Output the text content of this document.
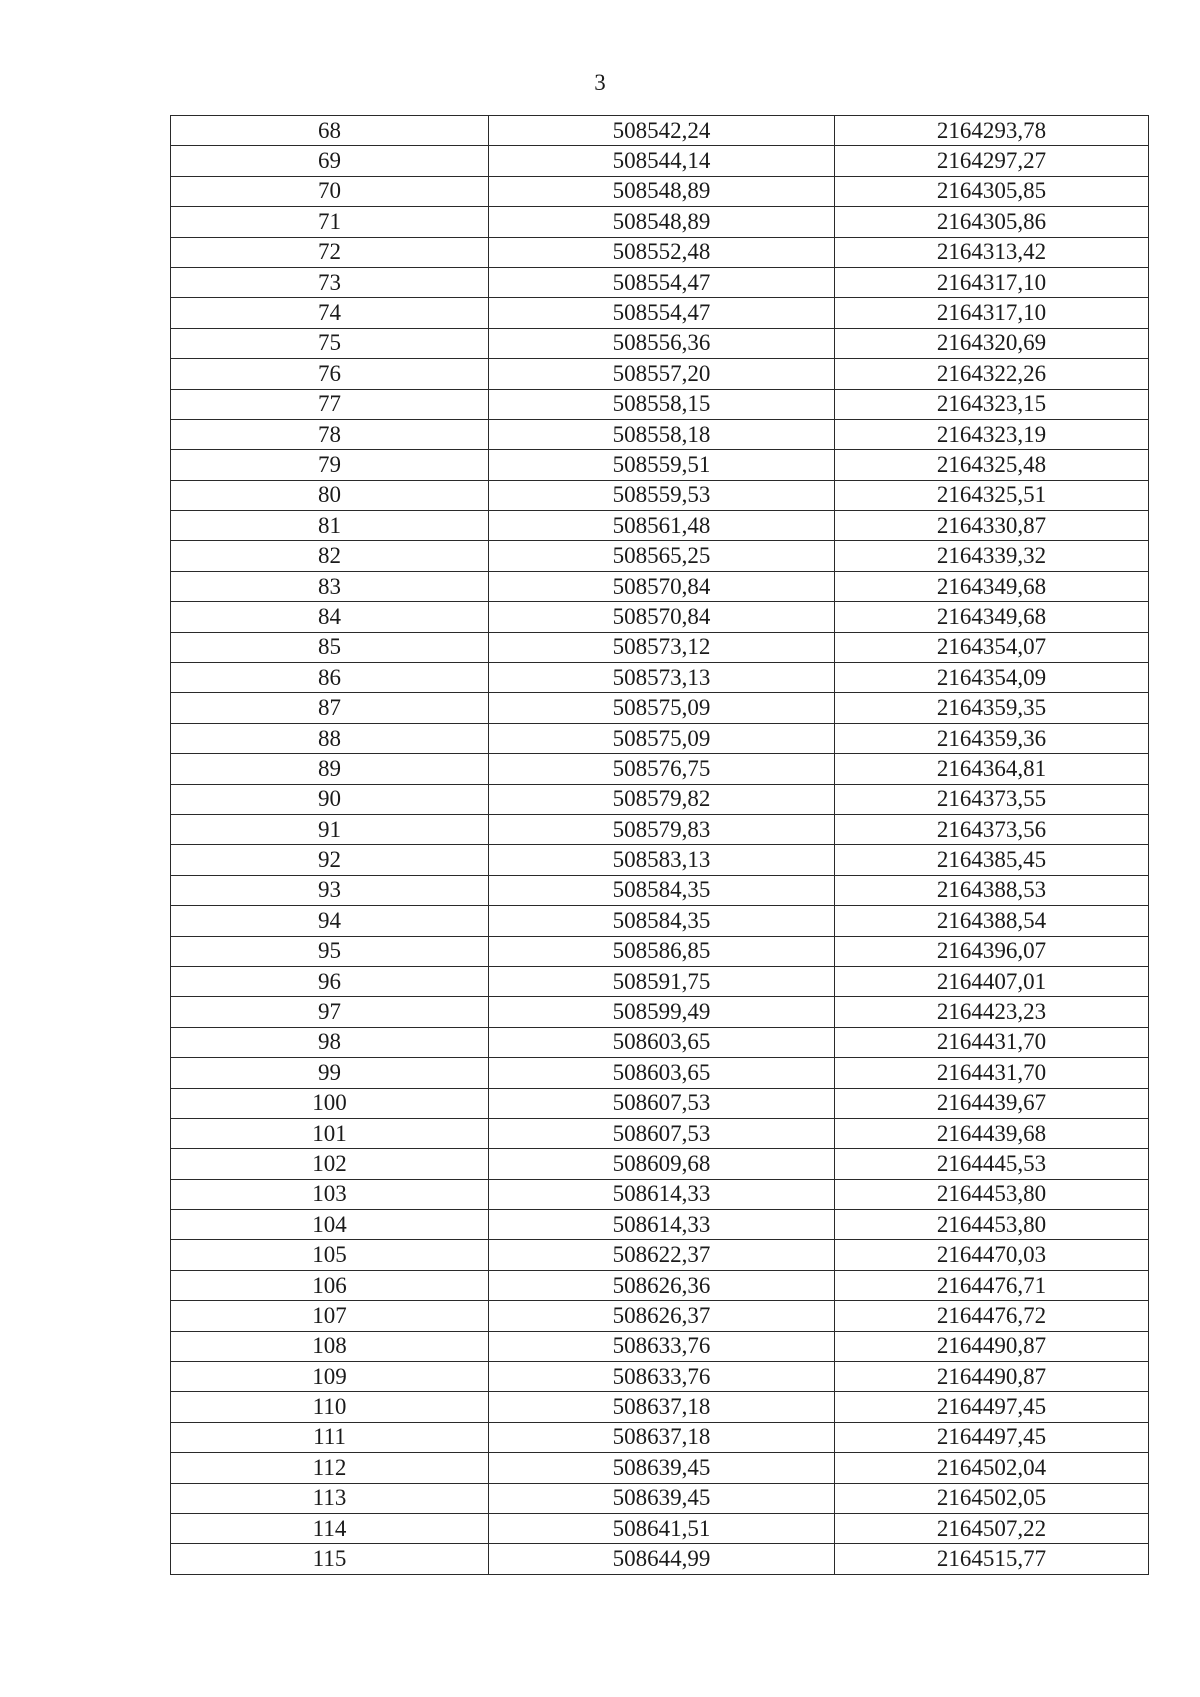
3
68	508542,24	2164293,78
69	508544,14	2164297,27
70	508548,89	2164305,85
71	508548,89	2164305,86
72	508552,48	2164313,42
73	508554,47	2164317,10
74	508554,47	2164317,10
75	508556,36	2164320,69
76	508557,20	2164322,26
77	508558,15	2164323,15
78	508558,18	2164323,19
79	508559,51	2164325,48
80	508559,53	2164325,51
81	508561,48	2164330,87
82	508565,25	2164339,32
83	508570,84	2164349,68
84	508570,84	2164349,68
85	508573,12	2164354,07
86	508573,13	2164354,09
87	508575,09	2164359,35
88	508575,09	2164359,36
89	508576,75	2164364,81
90	508579,82	2164373,55
91	508579,83	2164373,56
92	508583,13	2164385,45
93	508584,35	2164388,53
94	508584,35	2164388,54
95	508586,85	2164396,07
96	508591,75	2164407,01
97	508599,49	2164423,23
98	508603,65	2164431,70
99	508603,65	2164431,70
100	508607,53	2164439,67
101	508607,53	2164439,68
102	508609,68	2164445,53
103	508614,33	2164453,80
104	508614,33	2164453,80
105	508622,37	2164470,03
106	508626,36	2164476,71
107	508626,37	2164476,72
108	508633,76	2164490,87
109	508633,76	2164490,87
110	508637,18	2164497,45
111	508637,18	2164497,45
112	508639,45	2164502,04
113	508639,45	2164502,05
114	508641,51	2164507,22
115	508644,99	2164515,77
